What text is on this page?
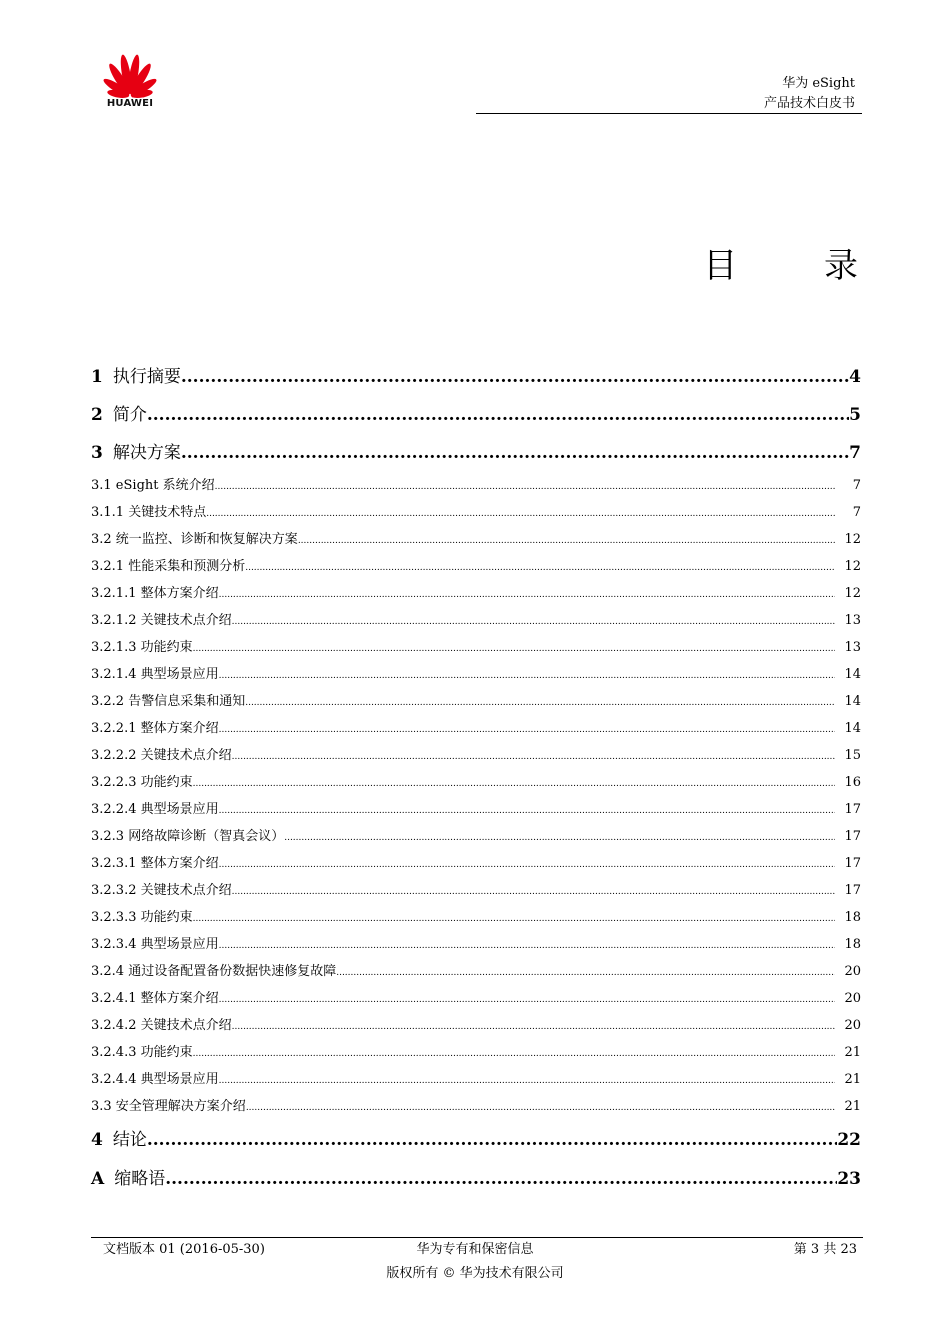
HUAWEI
华为 eSight
产品技术白皮书
目 录
1 执行摘要 .....	4
2 简介 .....	5
3 解决方案 .....	7
3.1 eSight 系统介绍 .....	7
3.1.1 关键技术特点 .....	7
3.2 统一监控、诊断和恢复解决方案 .....	12
3.2.1 性能采集和预测分析 .....	12
3.2.1.1 整体方案介绍 .....	12
3.2.1.2 关键技术点介绍 .....	13
3.2.1.3 功能约束 .....	13
3.2.1.4 典型场景应用 .....	14
3.2.2 告警信息采集和通知 .....	14
3.2.2.1 整体方案介绍 .....	14
3.2.2.2 关键技术点介绍 .....	15
3.2.2.3 功能约束 .....	16
3.2.2.4 典型场景应用 .....	17
3.2.3 网络故障诊断（智真会议） .....	17
3.2.3.1 整体方案介绍 .....	17
3.2.3.2 关键技术点介绍 .....	17
3.2.3.3 功能约束 .....	18
3.2.3.4 典型场景应用 .....	18
3.2.4 通过设备配置备份数据快速修复故障 .....	20
3.2.4.1 整体方案介绍 .....	20
3.2.4.2 关键技术点介绍 .....	20
3.2.4.3 功能约束 .....	21
3.2.4.4 典型场景应用 .....	21
3.3 安全管理解决方案介绍 .....	21
4 结论 .....	22
A 缩略语 .....	23
文档版本 01 (2016-05-30)	华为专有和保密信息	第 3 共 23
版权所有 © 华为技术有限公司
